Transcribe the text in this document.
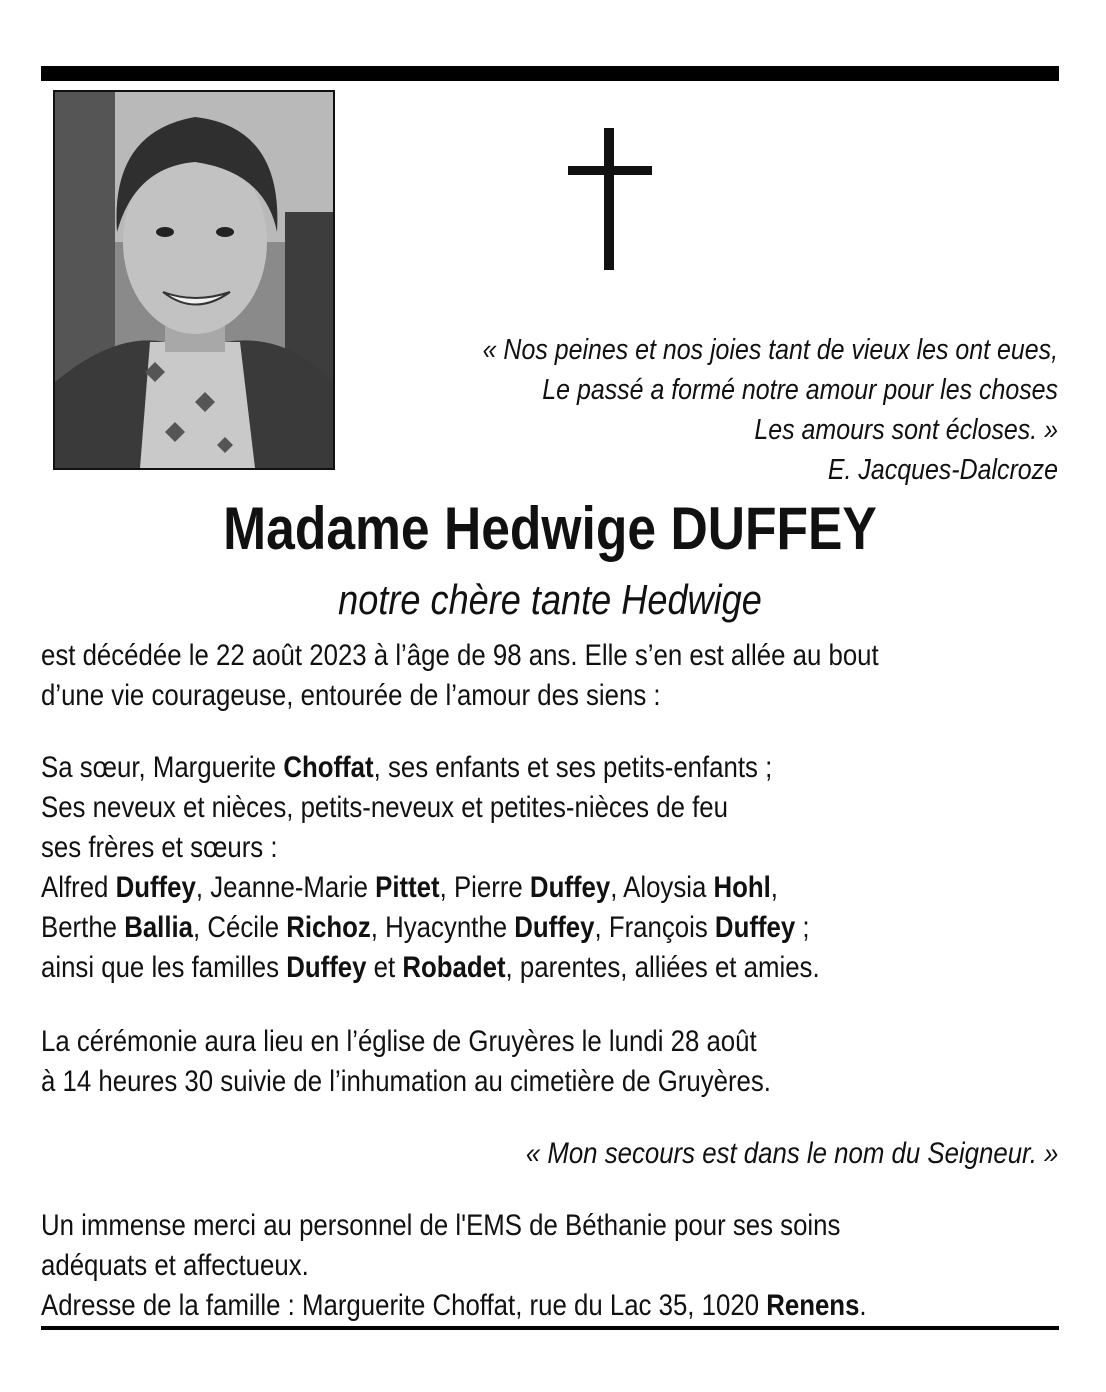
« Nos peines et nos joies tant de vieux les ont eues,
Le passé a formé notre amour pour les choses
Les amours sont écloses. »
E. Jacques-Dalcroze
Madame Hedwige DUFFEY
notre chère tante Hedwige

est décédée le 22 août 2023 à l’âge de 98 ans. Elle s’en est allée au bout

d’une vie courageuse, entourée de l’amour des siens :

Sa sœur, Marguerite Choffat, ses enfants et ses petits-enfants ;

Ses neveux et nièces, petits-neveux et petites-nièces de feu

ses frères et sœurs :

Alfred Duffey, Jeanne-Marie Pittet, Pierre Duffey, Aloysia Hohl,

Berthe Ballia, Cécile Richoz, Hyacynthe Duffey, François Duffey ;

ainsi que les familles Duffey et Robadet, parentes, alliées et amies.

La cérémonie aura lieu en l’église de Gruyères le lundi 28 août

à 14 heures 30 suivie de l’inhumation au cimetière de Gruyères.

« Mon secours est dans le nom du Seigneur. »

Un immense merci au personnel de l'EMS de Béthanie pour ses soins

adéquats et affectueux.

Adresse de la famille : Marguerite Choffat, rue du Lac 35, 1020 Renens.
